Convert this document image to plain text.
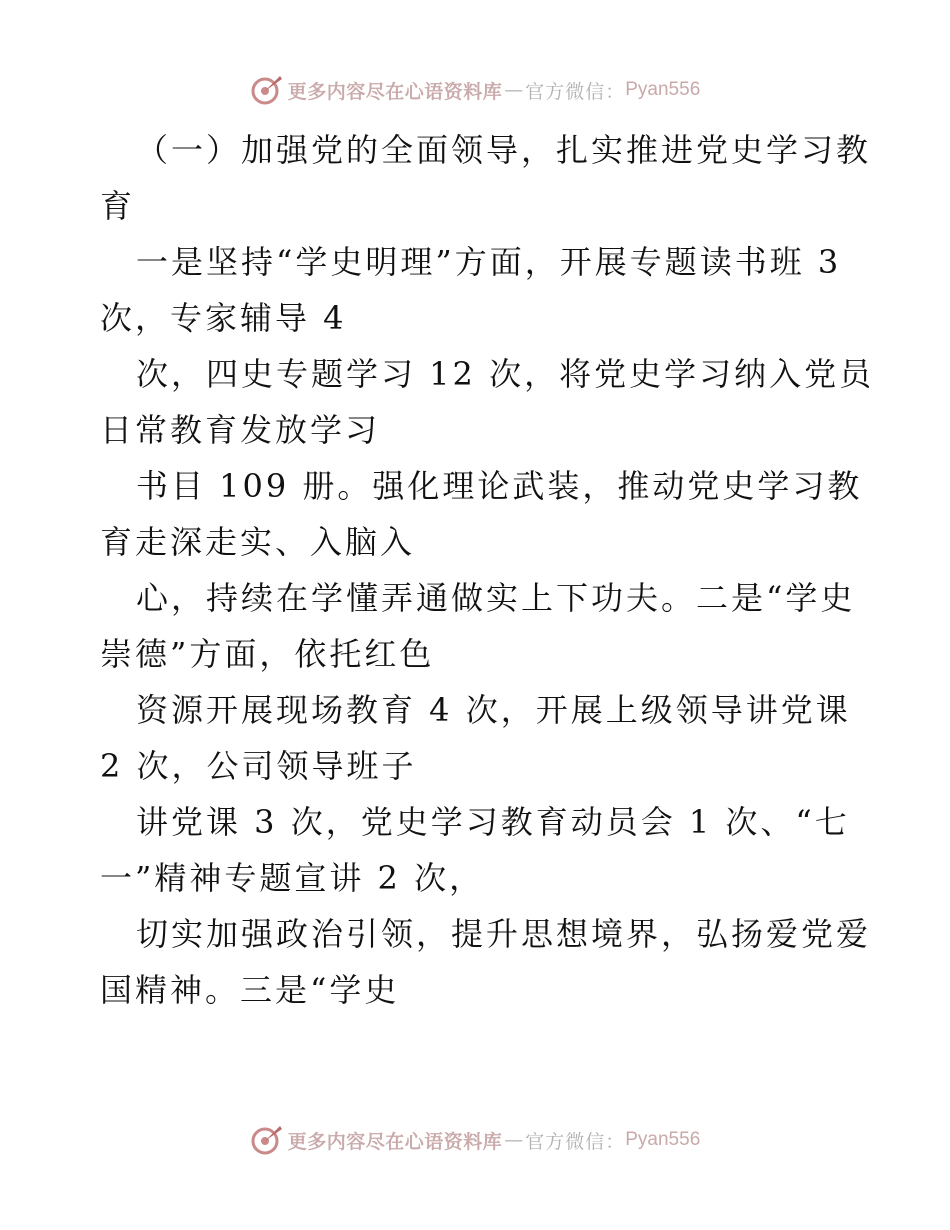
更多内容尽在心语资料库 — 官方微信： Pyan556
（一）加强党的全面领导，扎实推进党史学习教
育
一是坚持“学史明理”方面，开展专题读书班 3
次，专家辅导 4
次，四史专题学习 12 次，将党史学习纳入党员
日常教育发放学习
书目 109 册。强化理论武装，推动党史学习教
育走深走实、入脑入
心，持续在学懂弄通做实上下功夫。二是“学史
崇德”方面，依托红色
资源开展现场教育 4 次，开展上级领导讲党课
2 次，公司领导班子
讲党课 3 次，党史学习教育动员会 1 次、“七
一”精神专题宣讲 2 次，
切实加强政治引领，提升思想境界，弘扬爱党爱
国精神。三是“学史
更多内容尽在心语资料库 — 官方微信： Pyan556
